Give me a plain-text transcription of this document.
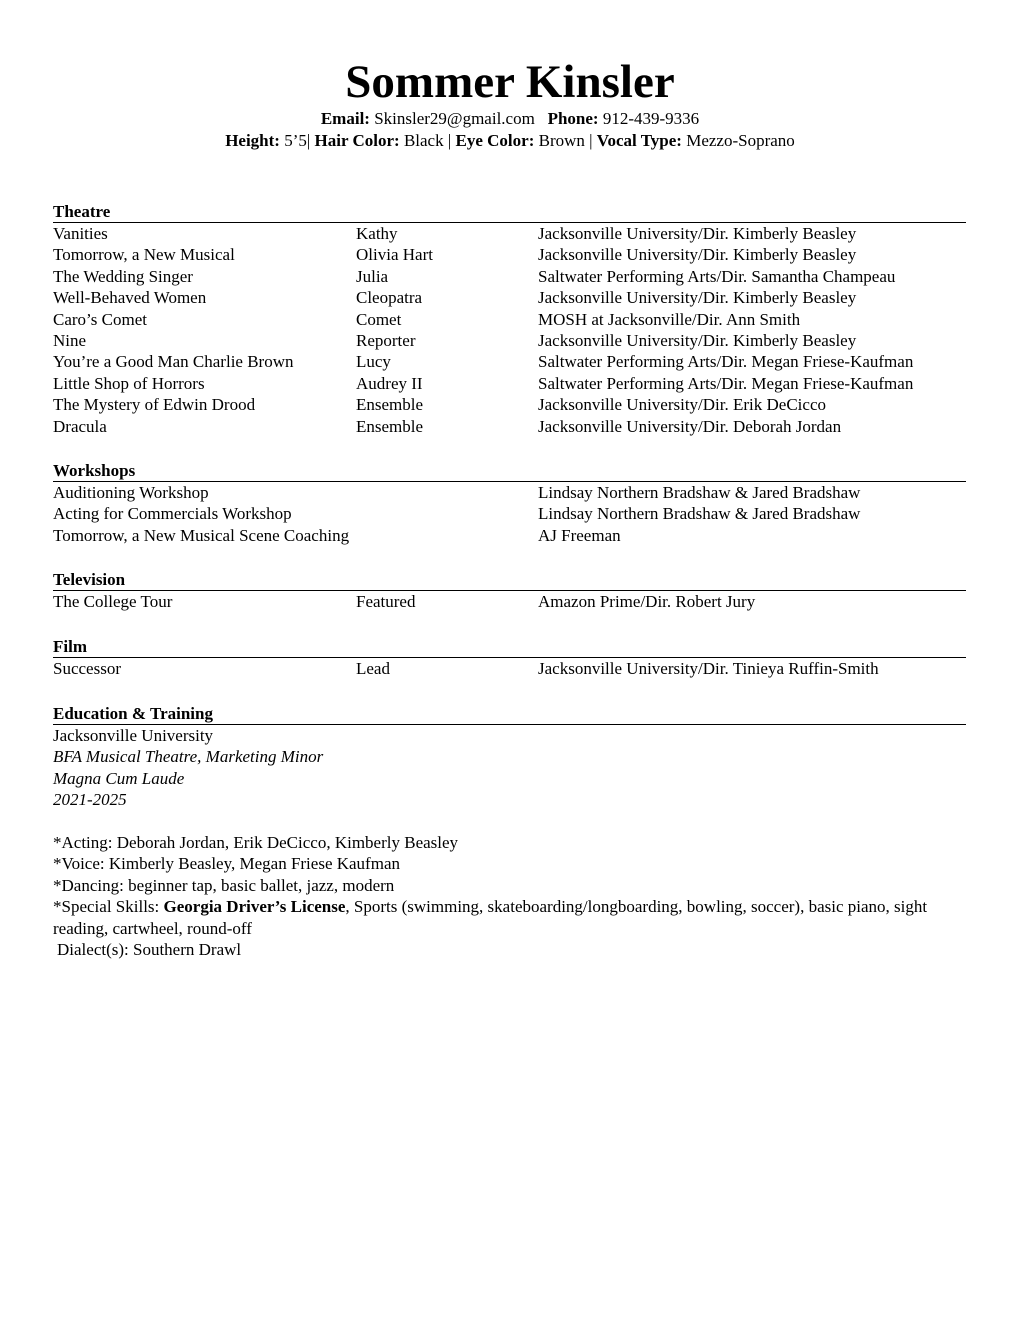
Sommer Kinsler
Email: Skinsler29@gmail.com Phone: 912-439-9336
Height: 5’5| Hair Color: Black | Eye Color: Brown | Vocal Type: Mezzo-Soprano
Theatre
Vanities	Kathy	Jacksonville University/Dir. Kimberly Beasley
Tomorrow, a New Musical	Olivia Hart	Jacksonville University/Dir. Kimberly Beasley
The Wedding Singer	Julia	Saltwater Performing Arts/Dir. Samantha Champeau
Well-Behaved Women	Cleopatra	Jacksonville University/Dir. Kimberly Beasley
Caro’s Comet	Comet	MOSH at Jacksonville/Dir. Ann Smith
Nine	Reporter	Jacksonville University/Dir. Kimberly Beasley
You’re a Good Man Charlie Brown	Lucy	Saltwater Performing Arts/Dir. Megan Friese-Kaufman
Little Shop of Horrors	Audrey II	Saltwater Performing Arts/Dir. Megan Friese-Kaufman
The Mystery of Edwin Drood	Ensemble	Jacksonville University/Dir. Erik DeCicco
Dracula	Ensemble	Jacksonville University/Dir. Deborah Jordan
Workshops
Auditioning Workshop	Lindsay Northern Bradshaw & Jared Bradshaw
Acting for Commercials Workshop	Lindsay Northern Bradshaw & Jared Bradshaw
Tomorrow, a New Musical Scene Coaching	AJ Freeman
Television
The College Tour	Featured	Amazon Prime/Dir. Robert Jury
Film
Successor	Lead	Jacksonville University/Dir. Tinieya Ruffin-Smith
Education & Training
Jacksonville University
BFA Musical Theatre, Marketing Minor
Magna Cum Laude
2021-2025
*Acting: Deborah Jordan, Erik DeCicco, Kimberly Beasley
*Voice: Kimberly Beasley, Megan Friese Kaufman
*Dancing: beginner tap, basic ballet, jazz, modern
*Special Skills: Georgia Driver’s License, Sports (swimming, skateboarding/longboarding, bowling, soccer), basic piano, sight reading, cartwheel, round-off
Dialect(s): Southern Drawl
